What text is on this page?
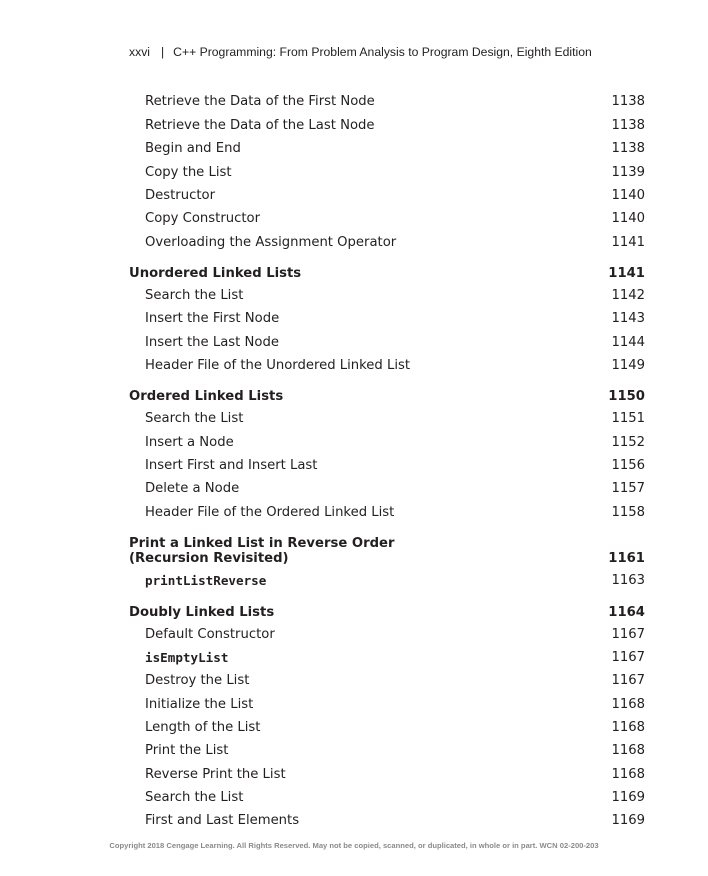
xxvi | C++ Programming: From Problem Analysis to Program Design, Eighth Edition
Retrieve the Data of the First Node	1138
Retrieve the Data of the Last Node	1138
Begin and End	1138
Copy the List	1139
Destructor	1140
Copy Constructor	1140
Overloading the Assignment Operator	1141
Unordered Linked Lists	1141
Search the List	1142
Insert the First Node	1143
Insert the Last Node	1144
Header File of the Unordered Linked List	1149
Ordered Linked Lists	1150
Search the List	1151
Insert a Node	1152
Insert First and Insert Last	1156
Delete a Node	1157
Header File of the Ordered Linked List	1158
Print a Linked List in Reverse Order
(Recursion Revisited)	1161
printListReverse	1163
Doubly Linked Lists	1164
Default Constructor	1167
isEmptyList	1167
Destroy the List	1167
Initialize the List	1168
Length of the List	1168
Print the List	1168
Reverse Print the List	1168
Search the List	1169
First and Last Elements	1169
Copyright 2018 Cengage Learning. All Rights Reserved. May not be copied, scanned, or duplicated, in whole or in part. WCN 02-200-203
